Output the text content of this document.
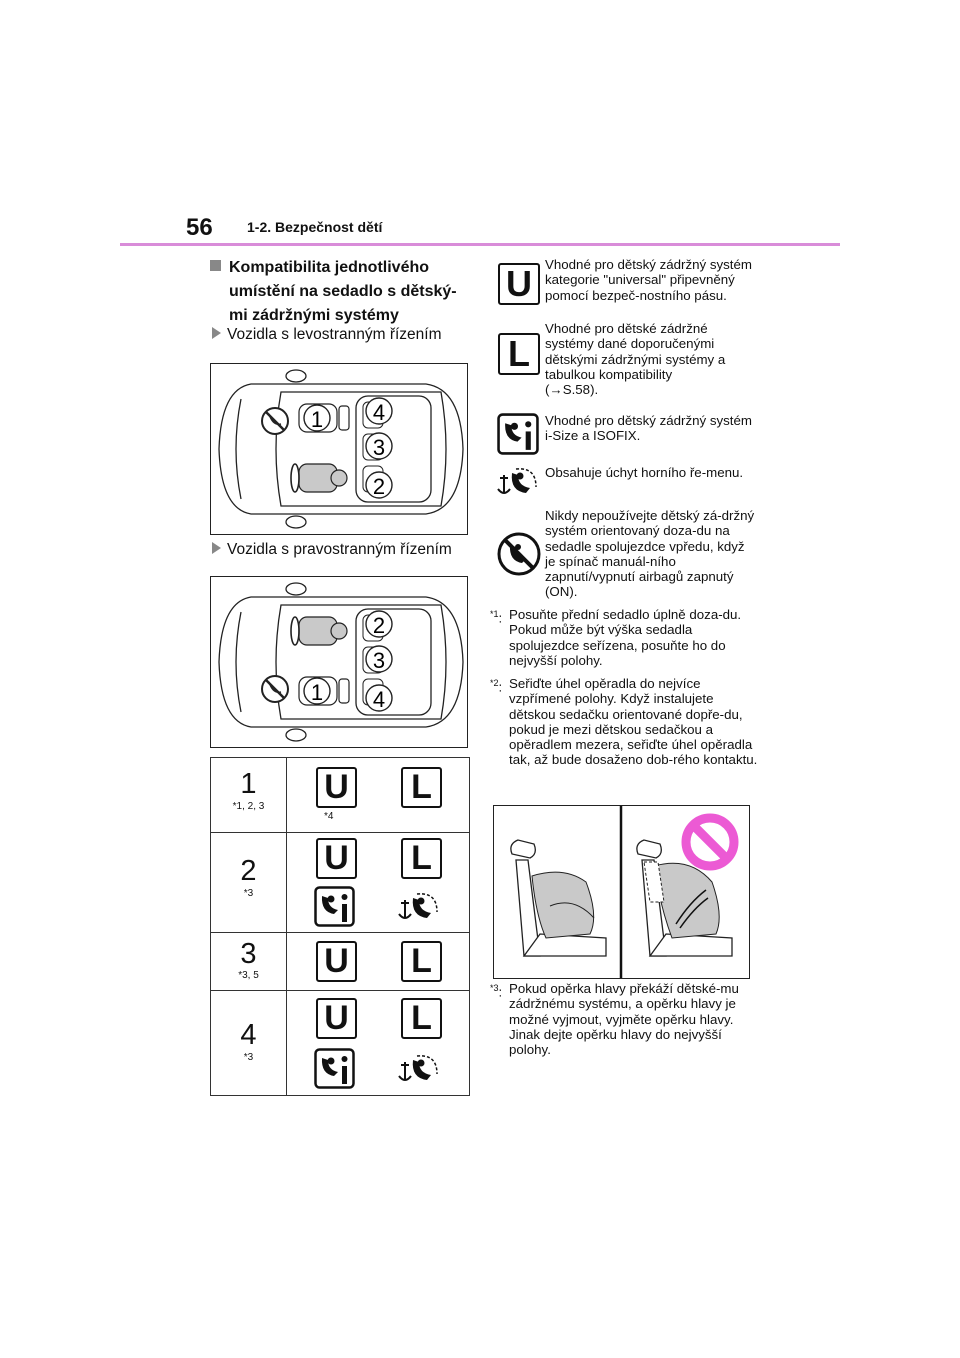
56 1-2. Bezpečnost dětí
Kompatibilita jednotlivého umístění na sedadlo s dětský-mi zádržnými systémy
Vozidla s levostranným řízením
1 4
3
2
Vozidla s pravostranným řízením
1
2
3
4
1
*1, 2, 3
U
*4
L
2
*3
U L
3
*3, 5	U L
4
*3
U L
U Vhodné pro dětský zádržný systém kategorie "universal" připevněný pomocí bezpeč-nostního pásu.
L
Vhodné pro dětské zádržné systémy dané doporučenými dětskými zádržnými systémy a tabulkou kompatibility
(→S.58).
Vhodné pro dětský zádržný systém i-Size a ISOFIX.
Obsahuje úchyt horního ře-menu.
Nikdy nepoužívejte dětský zá-držný systém orientovaný doza-du na sedadle spolujezdce vpředu, když je spínač manuál-ního zapnutí/vypnutí airbagů zapnutý (ON).
$^{*1}$: Posuňte přední sedadlo úplně doza-du. Pokud může být výška sedadla spolujezdce seřízena, posuňte ho do nejvyšší polohy.
$^{*2}$: Seřiďte úhel opěradla do nejvíce vzpřímené polohy. Když instalujete dětskou sedačku orientované dopře-du, pokud je mezi dětskou sedačkou a opěradlem mezera, seřiďte úhel opěradla tak, až bude dosaženo dob-rého kontaktu.
$^{*3}$: Pokud opěrka hlavy překáží dětské-mu zádržnému systému, a opěrku hlavy je možné vyjmout, vyjměte opěrku hlavy.
Jinak dejte opěrku hlavy do nejvyšší polohy.
